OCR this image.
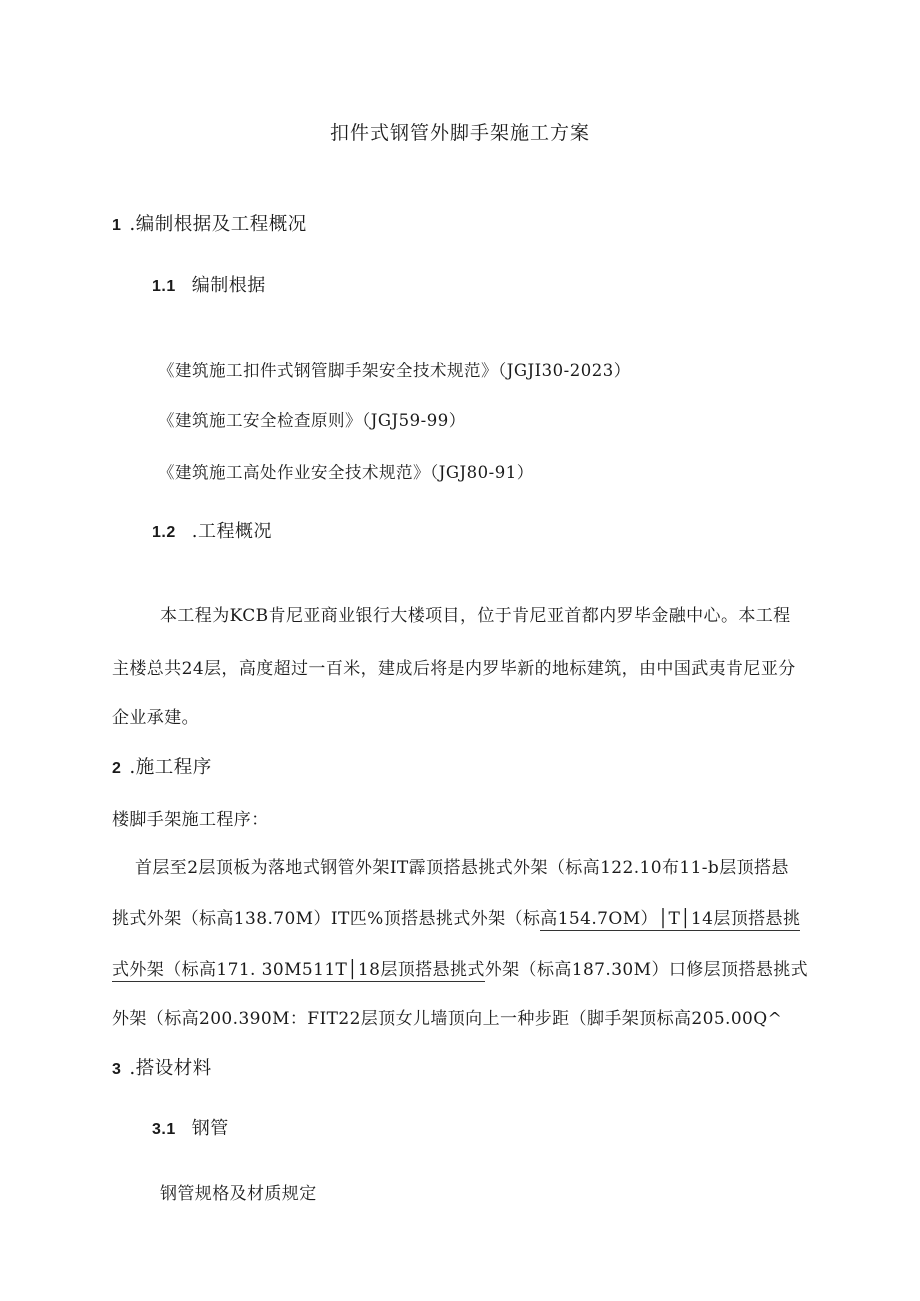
扣件式钢管外脚手架施工方案
1 .编制根据及工程概况
1.1 编制根据
《建筑施工扣件式钢管脚手架安全技术规范》（JGJI30-2023）
《建筑施工安全检查原则》（JGJ59-99）
《建筑施工高处作业安全技术规范》（JGJ80-91）
1.2 .工程概况
本工程为KCB肯尼亚商业银行大楼项目，位于肯尼亚首都内罗毕金融中心。本工程
主楼总共24层，高度超过一百米，建成后将是内罗毕新的地标建筑，由中国武夷肯尼亚分
企业承建。
2 .施工程序
楼脚手架施工程序：
首层至2层顶板为落地式钢管外架IT霹顶搭悬挑式外架（标高122.10布11-b层顶搭悬
挑式外架（标高138.70M）IT匹%顶搭悬挑式外架（标高154.7OM）│T│14层顶搭悬挑
式外架（标高171. 30M511T│18层顶搭悬挑式外架（标高187.30M）口修层顶搭悬挑式
外架（标高200.390M：FIT22层顶女儿墙顶向上一种步距（脚手架顶标高205.00Q^
3 .搭设材料
3.1 钢管
钢管规格及材质规定
